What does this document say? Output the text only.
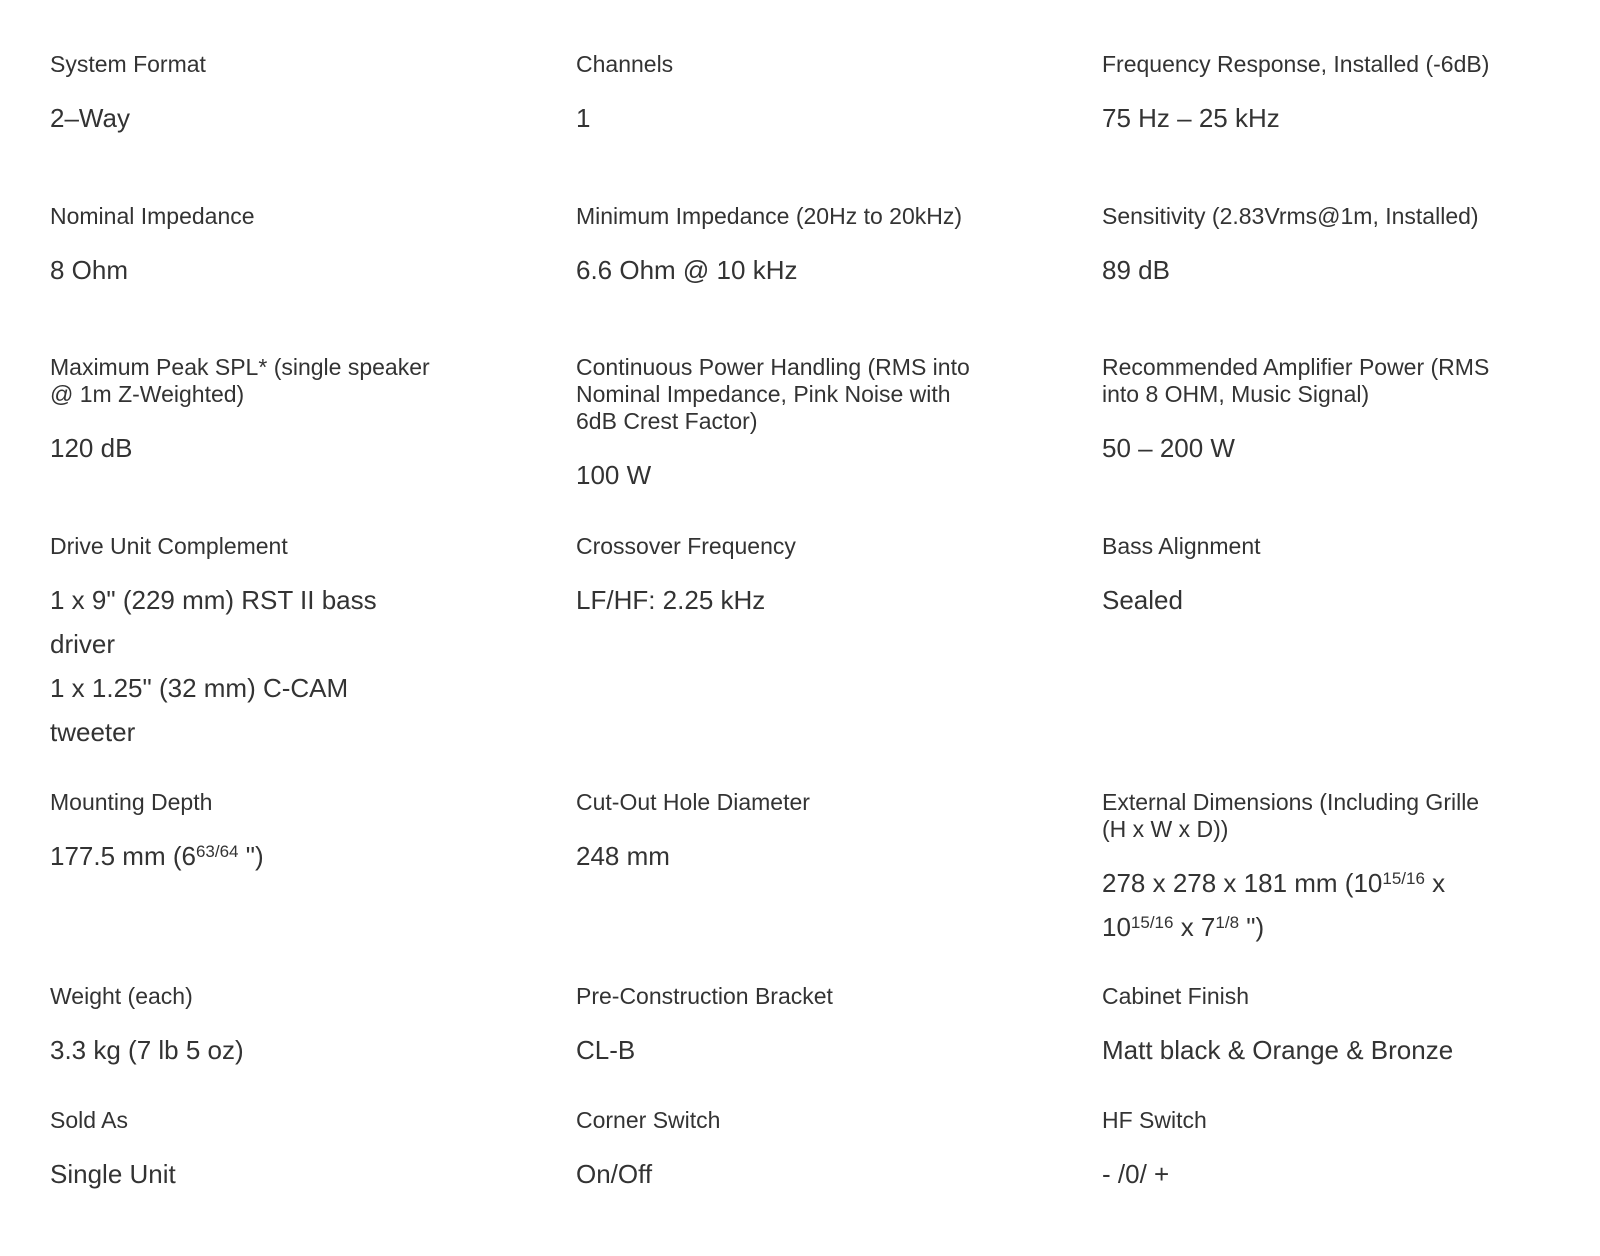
System Format
2–Way
Channels
1
Frequency Response, Installed (-6dB)
75 Hz – 25 kHz
Nominal Impedance
8 Ohm
Minimum Impedance (20Hz to 20kHz)
6.6 Ohm @ 10 kHz
Sensitivity (2.83Vrms@1m, Installed)
89 dB
Maximum Peak SPL* (single speaker @ 1m Z-Weighted)
120 dB
Continuous Power Handling (RMS into Nominal Impedance, Pink Noise with 6dB Crest Factor)
100 W
Recommended Amplifier Power (RMS into 8 OHM, Music Signal)
50 – 200 W
Drive Unit Complement
1 x 9" (229 mm) RST II bass driver
1 x 1.25" (32 mm) C-CAM tweeter
Crossover Frequency
LF/HF: 2.25 kHz
Bass Alignment
Sealed
Mounting Depth
177.5 mm ($6^{63/64}$ ")
Cut-Out Hole Diameter
248 mm
External Dimensions (Including Grille (H x W x D))
278 x 278 x 181 mm ($10^{15/16}$ x $10^{15/16}$ x $7^{1/8}$ ")
Weight (each)
3.3 kg (7 lb 5 oz)
Pre-Construction Bracket
CL-B
Cabinet Finish
Matt black & Orange & Bronze
Sold As
Single Unit
Corner Switch
On/Off
HF Switch
- /0/ +
